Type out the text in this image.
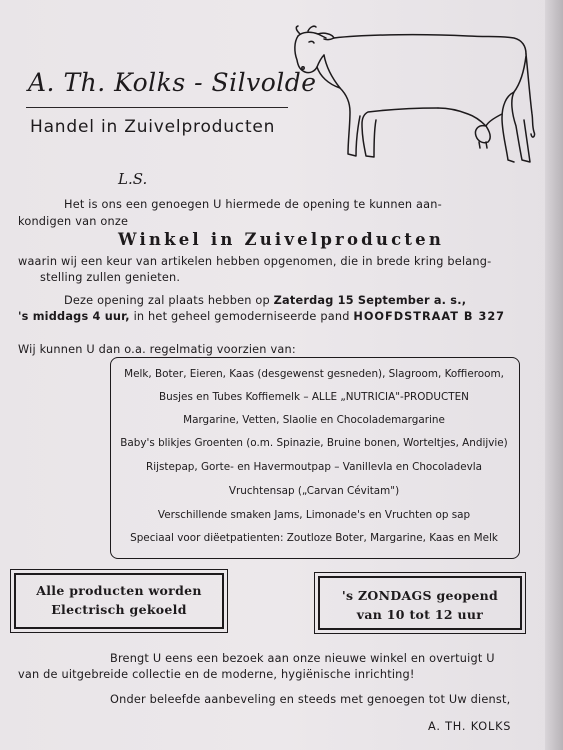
A. Th. Kolks - Silvolde
Handel in Zuivelproducten
L.S.
Het is ons een genoegen U hiermede de opening te kunnen aan-
kondigen van onze
Winkel in Zuivelproducten
waarin wij een keur van artikelen hebben opgenomen, die in brede kring belang-
stelling zullen genieten.
Deze opening zal plaats hebben op Zaterdag 15 September a. s.,
's middags 4 uur, in het geheel gemoderniseerde pand HOOFDSTRAAT B 327
Wij kunnen U dan o.a. regelmatig voorzien van:
Melk, Boter, Eieren, Kaas (desgewenst gesneden), Slagroom, Koffieroom,
Busjes en Tubes Koffiemelk – ALLE „NUTRICIA"-PRODUCTEN
Margarine, Vetten, Slaolie en Chocolademargarine
Baby's blikjes Groenten (o.m. Spinazie, Bruine bonen, Worteltjes, Andijvie)
Rijstepap, Gorte- en Havermoutpap – Vanillevla en Chocoladevla
Vruchtensap („Carvan Cévitam")
Verschillende smaken Jams, Limonade's en Vruchten op sap
Speciaal voor diëetpatienten: Zoutloze Boter, Margarine, Kaas en Melk
Alle producten worden
Electrisch gekoeld
's ZONDAGS geopend
van 10 tot 12 uur
Brengt U eens een bezoek aan onze nieuwe winkel en overtuigt U
van de uitgebreide collectie en de moderne, hygiënische inrichting!
Onder beleefde aanbeveling en steeds met genoegen tot Uw dienst,
A. TH. KOLKS
